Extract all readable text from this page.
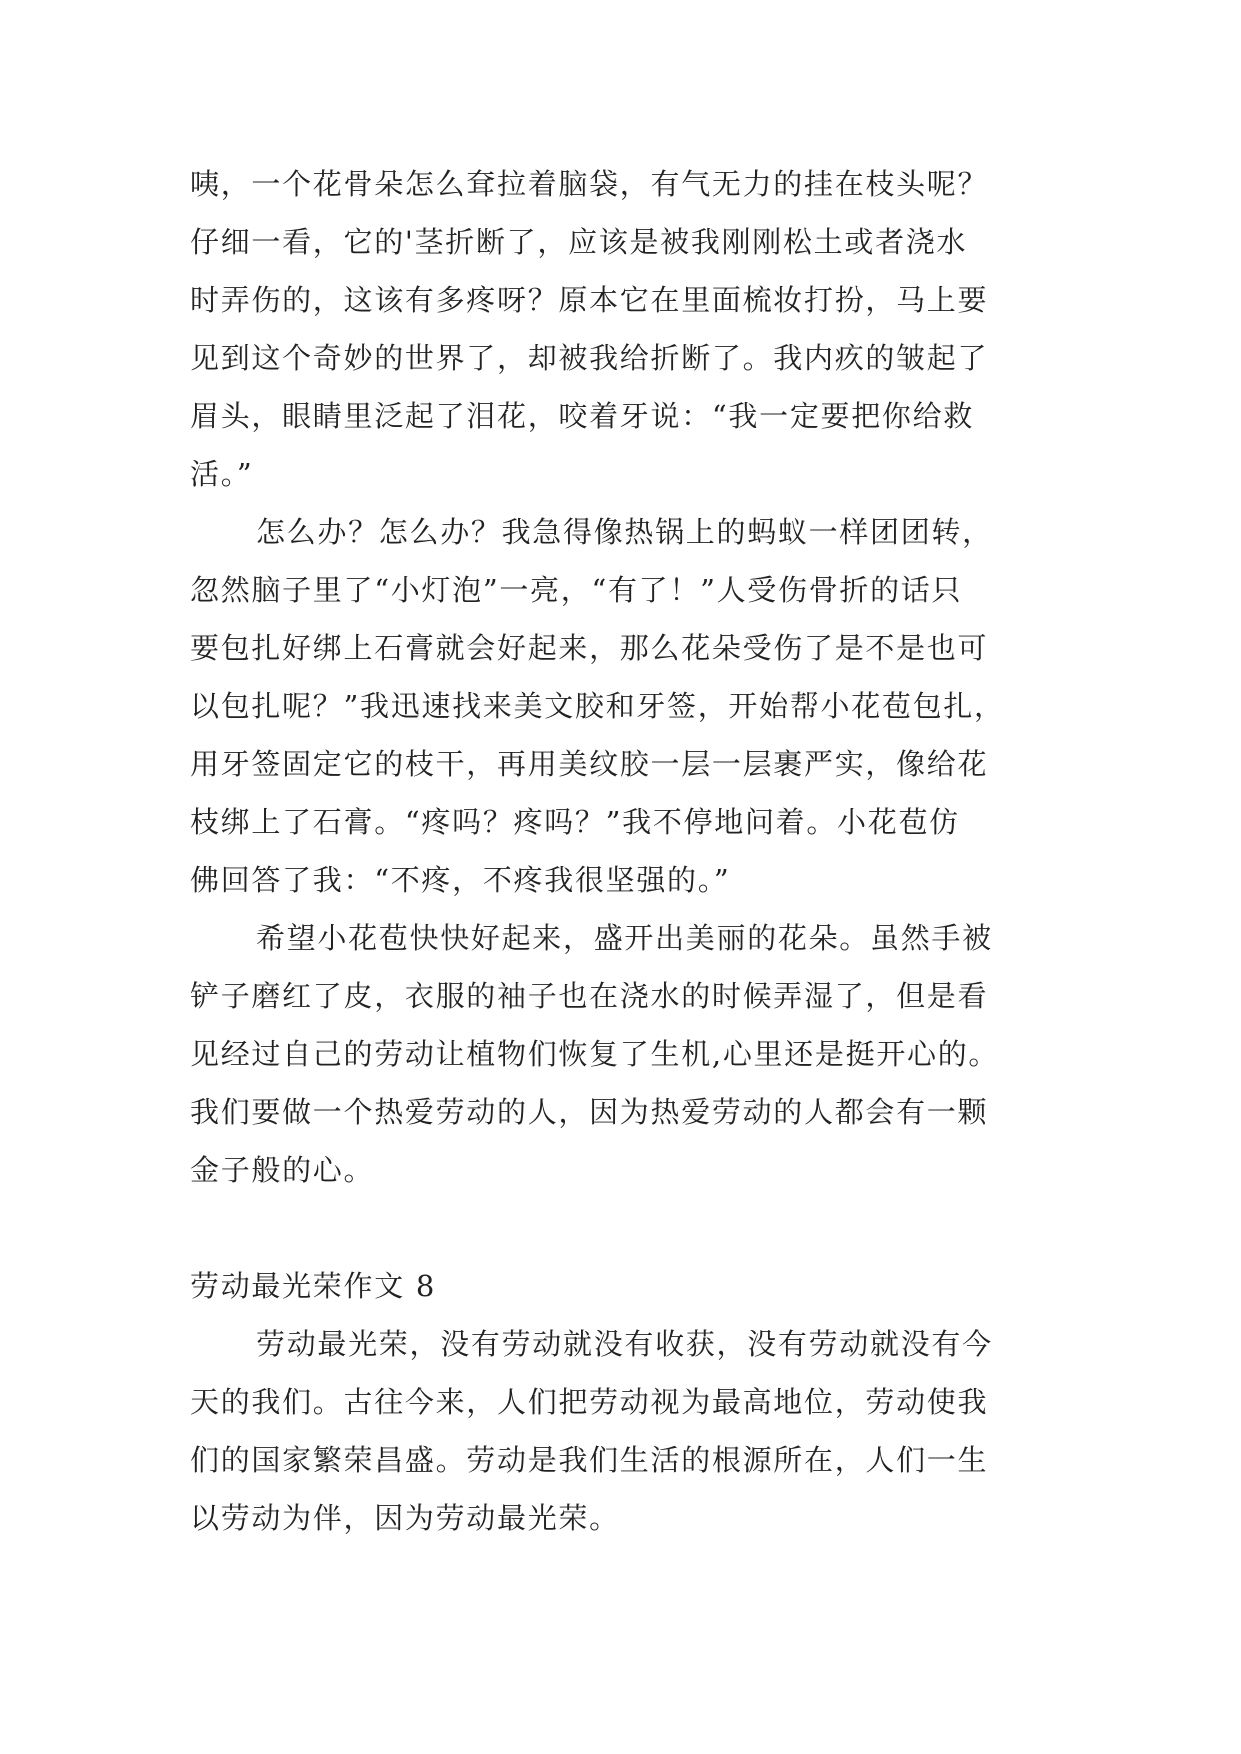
咦，一个花骨朵怎么耷拉着脑袋，有气无力的挂在枝头呢？
仔细一看，它的'茎折断了，应该是被我刚刚松土或者浇水
时弄伤的，这该有多疼呀？原本它在里面梳妆打扮，马上要
见到这个奇妙的世界了，却被我给折断了。我内疚的皱起了
眉头，眼睛里泛起了泪花，咬着牙说：“我一定要把你给救
活。”
怎么办？怎么办？我急得像热锅上的蚂蚁一样团团转，
忽然脑子里了“小灯泡”一亮，“有了！”人受伤骨折的话只
要包扎好绑上石膏就会好起来，那么花朵受伤了是不是也可
以包扎呢？”我迅速找来美文胶和牙签，开始帮小花苞包扎，
用牙签固定它的枝干，再用美纹胶一层一层裹严实，像给花
枝绑上了石膏。“疼吗？疼吗？”我不停地问着。小花苞仿
佛回答了我：“不疼，不疼我很坚强的。”
希望小花苞快快好起来，盛开出美丽的花朵。虽然手被
铲子磨红了皮，衣服的袖子也在浇水的时候弄湿了，但是看
见经过自己的劳动让植物们恢复了生机,心里还是挺开心的。
我们要做一个热爱劳动的人，因为热爱劳动的人都会有一颗
金子般的心。
劳动最光荣作文 8
劳动最光荣，没有劳动就没有收获，没有劳动就没有今
天的我们。古往今来，人们把劳动视为最高地位，劳动使我
们的国家繁荣昌盛。劳动是我们生活的根源所在，人们一生
以劳动为伴，因为劳动最光荣。
